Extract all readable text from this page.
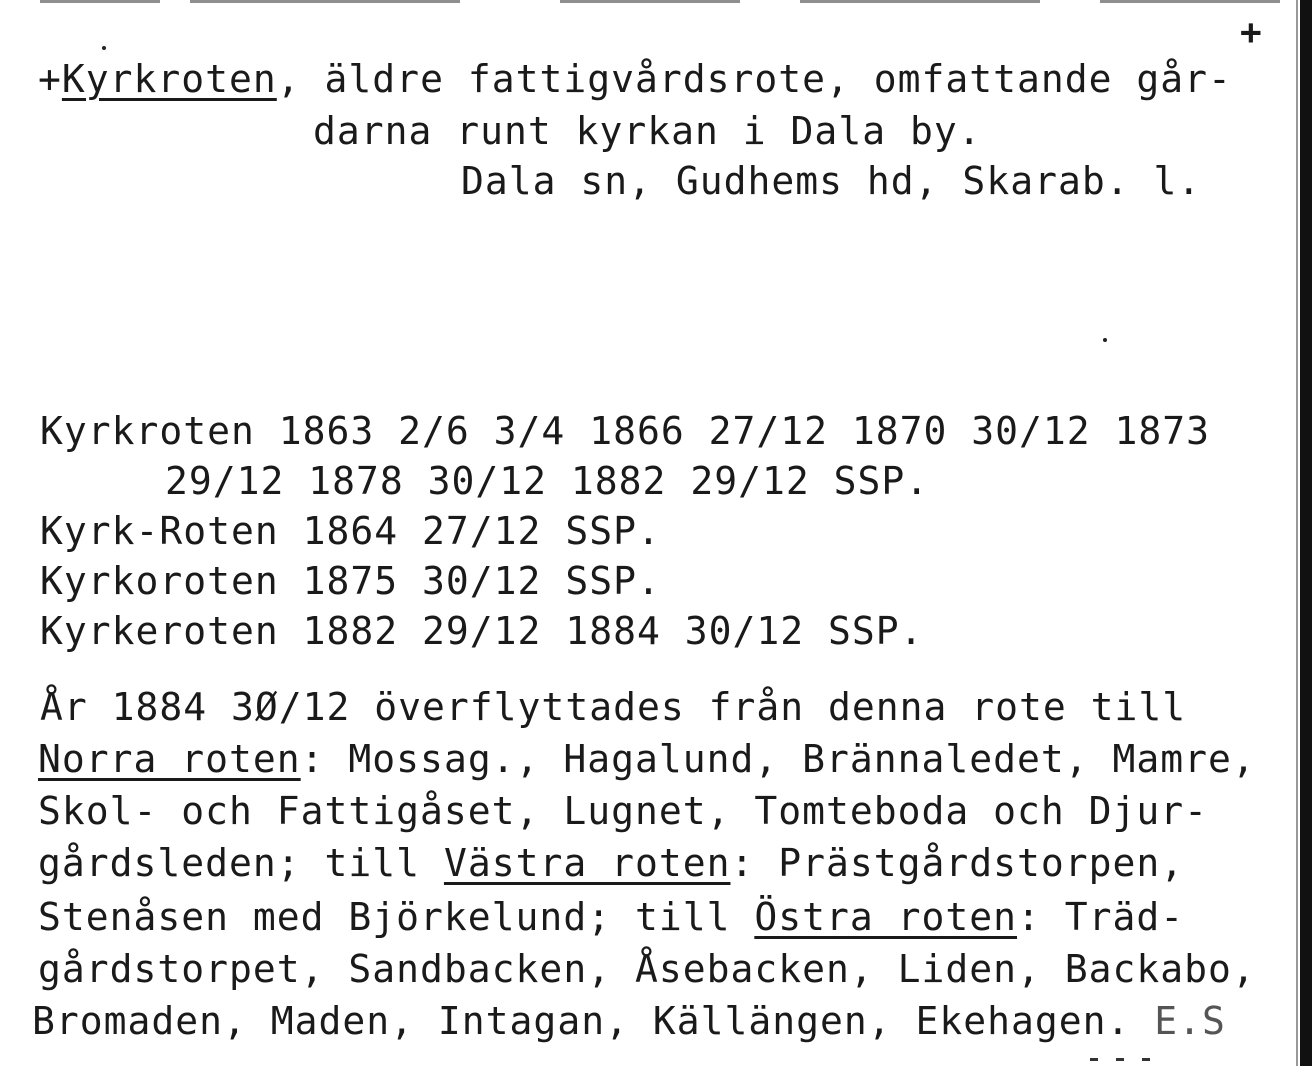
+
+Kyrkroten, äldre fattigvårdsrote, omfattande går-
darna runt kyrkan i Dala by.
Dala sn, Gudhems hd, Skarab. l.
Kyrkroten 1863 2/6 3/4 1866 27/12 1870 30/12 1873
29/12 1878 30/12 1882 29/12 SSP.
Kyrk-Roten 1864 27/12 SSP.
Kyrkoroten 1875 30/12 SSP.
Kyrkeroten 1882 29/12 1884 30/12 SSP.
År 1884 3Ø/12 överflyttades från denna rote till
Norra roten: Mossag., Hagalund, Brännaledet, Mamre,
Skol- och Fattigåset, Lugnet, Tomteboda och Djur-
gårdsleden; till Västra roten: Prästgårdstorpen,
Stenåsen med Björkelund; till Östra roten: Träd-
gårdstorpet, Sandbacken, Åsebacken, Liden, Backabo,
Bromaden, Maden, Intagan, Källängen, Ekehagen. E.S
